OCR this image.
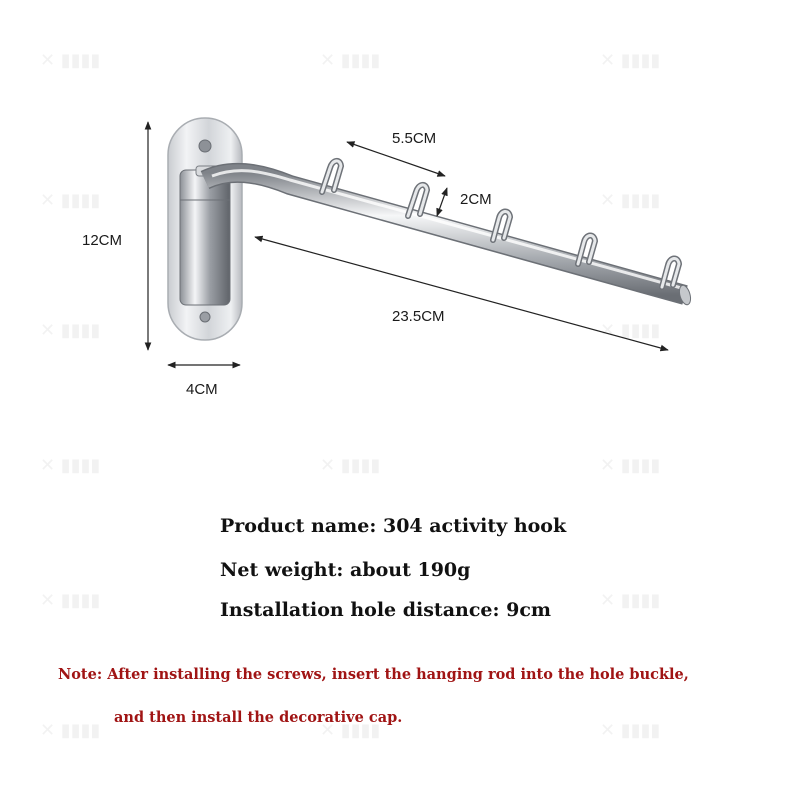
✕ ▮▮▮▮	✕ ▮▮▮▮	✕ ▮▮▮▮
✕ ▮▮▮▮	✕ ▮▮▮▮
✕ ▮▮▮▮	✕ ▮▮▮▮
✕ ▮▮▮▮	✕ ▮▮▮▮	✕ ▮▮▮▮
✕ ▮▮▮▮	✕ ▮▮▮▮
✕ ▮▮▮▮	✕ ▮▮▮▮	✕ ▮▮▮▮
12CM
4CM
5.5CM
2CM
23.5CM
Product name: 304 activity hook
Net weight: about 190g
Installation hole distance: 9cm
Note: After installing the screws, insert the hanging rod into the hole buckle,
and then install the decorative cap.
